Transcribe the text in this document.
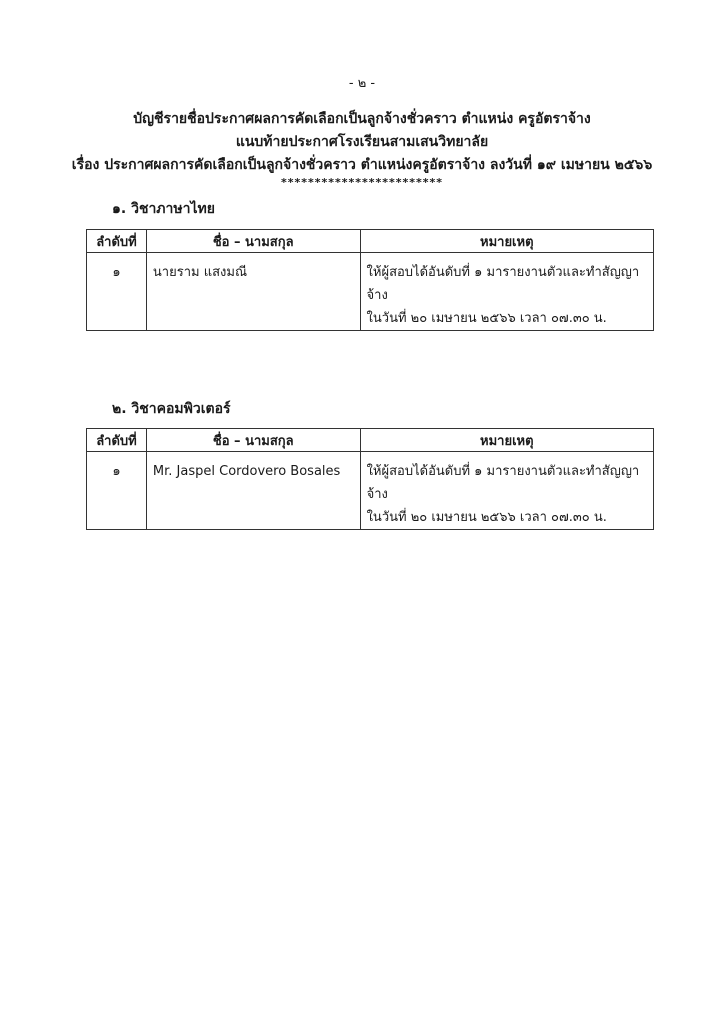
- ๒ -
บัญชีรายชื่อประกาศผลการคัดเลือกเป็นลูกจ้างชั่วคราว ตำแหน่ง ครูอัตราจ้าง
แนบท้ายประกาศโรงเรียนสามเสนวิทยาลัย
เรื่อง ประกาศผลการคัดเลือกเป็นลูกจ้างชั่วคราว ตำแหน่งครูอัตราจ้าง ลงวันที่ ๑๙ เมษายน ๒๕๖๖
************************
๑. วิชาภาษาไทย
ลำดับที่	ชื่อ – นามสกุล	หมายเหตุ
๑	นายราม แสงมณี	ให้ผู้สอบได้อันดับที่ ๑ มารายงานตัวและทำสัญญาจ้าง
ในวันที่ ๒๐ เมษายน ๒๕๖๖ เวลา ๐๗.๓๐ น.
๒. วิชาคอมพิวเตอร์
ลำดับที่	ชื่อ – นามสกุล	หมายเหตุ
๑	Mr. Jaspel Cordovero Bosales	ให้ผู้สอบได้อันดับที่ ๑ มารายงานตัวและทำสัญญาจ้าง
ในวันที่ ๒๐ เมษายน ๒๕๖๖ เวลา ๐๗.๓๐ น.
